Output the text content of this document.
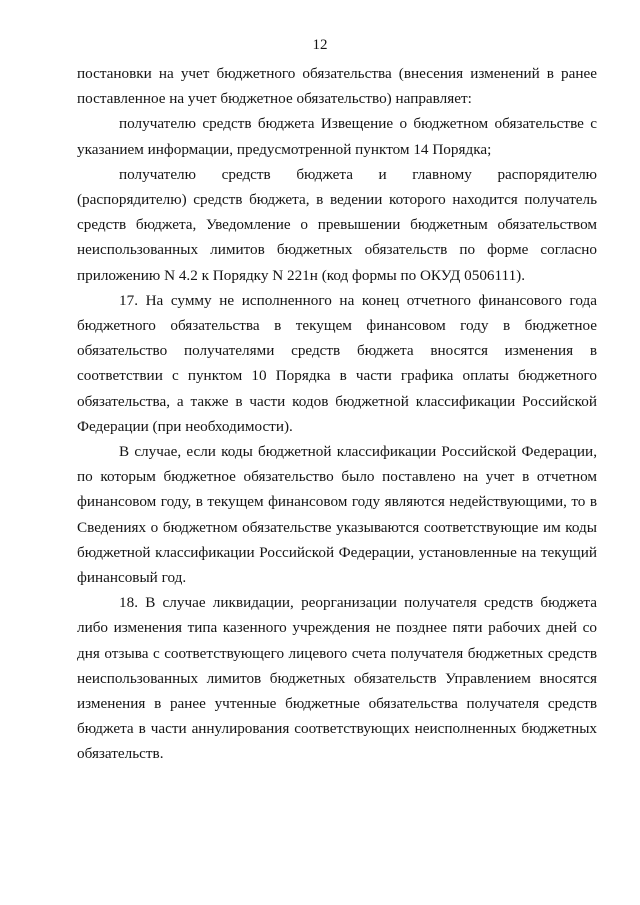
12

постановки на учет бюджетного обязательства (внесения изменений в ранее поставленное на учет бюджетное обязательство) направляет:

получателю средств бюджета Извещение о бюджетном обязательстве с указанием информации, предусмотренной пунктом 14 Порядка;

получателю средств бюджета и главному распорядителю (распорядителю) средств бюджета, в ведении которого находится получатель средств бюджета, Уведомление о превышении бюджетным обязательством неиспользованных лимитов бюджетных обязательств по форме согласно приложению N 4.2 к Порядку N 221н (код формы по ОКУД 0506111).

17. На сумму не исполненного на конец отчетного финансового года бюджетного обязательства в текущем финансовом году в бюджетное обязательство получателями средств бюджета вносятся изменения в соответствии с пунктом 10 Порядка в части графика оплаты бюджетного обязательства, а также в части кодов бюджетной классификации Российской Федерации (при необходимости).

В случае, если коды бюджетной классификации Российской Федерации, по которым бюджетное обязательство было поставлено на учет в отчетном финансовом году, в текущем финансовом году являются недействующими, то в Сведениях о бюджетном обязательстве указываются соответствующие им коды бюджетной классификации Российской Федерации, установленные на текущий финансовый год.

18. В случае ликвидации, реорганизации получателя средств бюджета либо изменения типа казенного учреждения не позднее пяти рабочих дней со дня отзыва с соответствующего лицевого счета получателя бюджетных средств неиспользованных лимитов бюджетных обязательств Управлением вносятся изменения в ранее учтенные бюджетные обязательства получателя средств бюджета в части аннулирования соответствующих неисполненных бюджетных обязательств.
